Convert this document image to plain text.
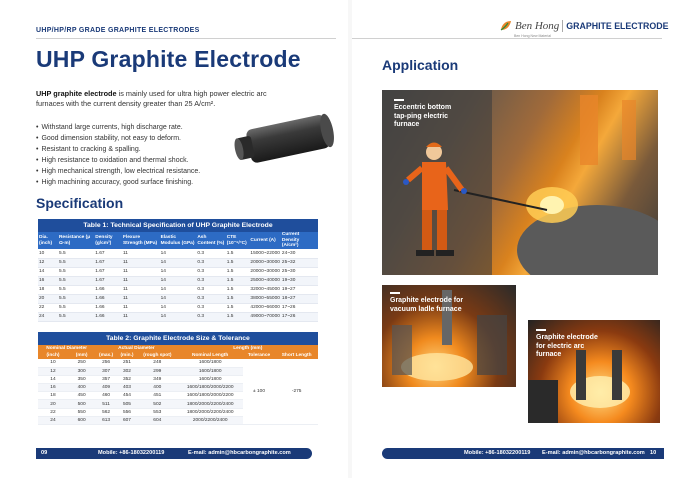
UHP/HP/RP GRADE GRAPHITE ELECTRODES
UHP Graphite Electrode

UHP graphite electrode is mainly used for ultra high power electric arc furnaces with the current density greater than 25 A/cm².

• Withstand large currents, high discharge rate.
• Good dimension stability, not easy to deform.
• Resistant to cracking & spalling.
• High resistance to oxidation and thermal shock.
• High mechanical strength, low electrical resistance.
• High machining accuracy, good surface finishing.
Specification
Table 1: Technical Specification of UHP Graphite Electrode
Dia. (inch)	Resistance (μ Ω·m)	Density (g/cm³)	Flexure Strength (MPa)	Elastic Modulus (GPa)	Ash Content (%)	CTE (10⁻⁶/°C)	Current (A)	Current Density (A/cm²)
10	5.5	1.67	11	14	0.3	1.5	15000~22000	24~30
12	5.5	1.67	11	14	0.3	1.5	20000~30000	25~32
14	5.5	1.67	11	14	0.3	1.5	20000~30000	25~30
16	5.5	1.67	11	14	0.3	1.5	25000~40000	19~30
18	5.5	1.66	11	14	0.3	1.5	32000~45000	19~27
20	5.5	1.66	11	14	0.3	1.5	38000~55000	18~27
22	5.5	1.66	11	14	0.3	1.5	42000~66000	17~26
24	5.5	1.66	11	14	0.3	1.5	49000~70000	17~26
Table 2: Graphite Electrode Size & Tolerance
Nominal Diameter		Actual Diameter			Length (mm)		
(inch)	(mm)	(max.)	(min.)	(rough spot)	Nominal Length	Tolerance	Short Length
10	250	256	251	248	1600/1800	± 100	-275
12	300	307	302	299	1600/1800		
14	350	357	352	349	1600/1800		
16	400	409	403	400	1600/1800/2000/2200		
18	450	460	454	451	1600/1800/2000/2200		
20	500	511	505	502	1800/2000/2200/2400		
22	550	562	556	553	1800/2000/2200/2400		
24	600	613	607	604	2000/2200/2400		
09	Mobile: +86-18032200119	E-mail: admin@hbcarbongraphite.com
Ben Hong
Ben Hong New Material
GRAPHITE ELECTRODE
Application
Eccentric bottom tap-ping electric furnace
Graphite electrode for vacuum ladle furnace
Graphite electrode for electric arc furnace
Mobile: +86-18032200119 E-mail: admin@hbcarbongraphite.com 10
